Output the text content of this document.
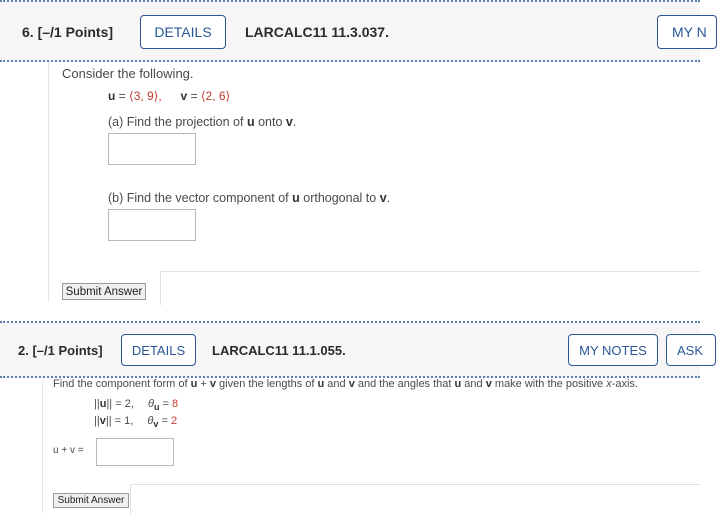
6. [–/1 Points]	DETAILS	LARCALC11 11.3.037.	MY N
Consider the following.
u = ⟨3, 9⟩, v = ⟨2, 6⟩
(a) Find the projection of u onto v.
(b) Find the vector component of u orthogonal to v.
Submit Answer
2. [–/1 Points]	DETAILS	LARCALC11 11.1.055.	MY NOTES	ASK
Find the component form of u + v given the lengths of u and v and the angles that u and v make with the positive x-axis.
||u|| = 2, $\theta_u = 8$
||v|| = 1, $\theta_v = 2$
u + v =
Submit Answer
